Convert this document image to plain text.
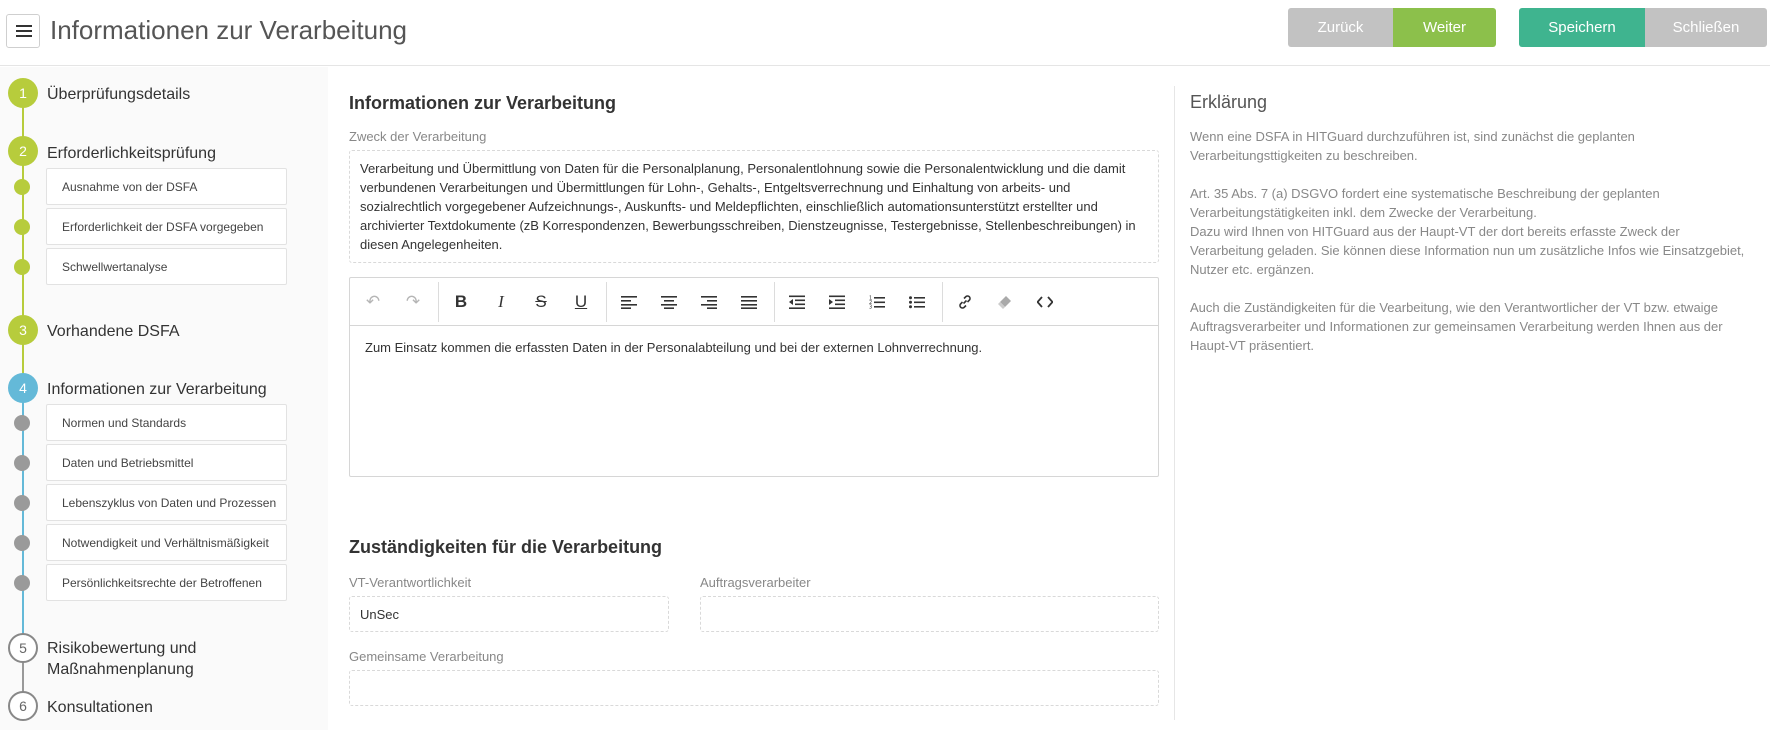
Informationen zur Verarbeitung	Zurück	Weiter	Speichern	Schließen
1	Überprüfungsdetails
2	Erforderlichkeitsprüfung
Ausnahme von der DSFA
Erforderlichkeit der DSFA vorgegeben
Schwellwertanalyse
3	Vorhandene DSFA
4	Informationen zur Verarbeitung
Normen und Standards
Daten und Betriebsmittel
Lebenszyklus von Daten und Prozessen
Notwendigkeit und Verhältnismäßigkeit
Persönlichkeitsrechte der Betroffenen
5	Risikobewertung und Maßnahmenplanung
6	Konsultationen
Informationen zur Verarbeitung
Zweck der Verarbeitung
Verarbeitung und Übermittlung von Daten für die Personalplanung, Personalentlohnung sowie die Personalentwicklung und die damit verbundenen Verarbeitungen und Übermittlungen für Lohn-, Gehalts-, Entgeltsverrechnung und Einhaltung von arbeits- und sozialrechtlich vorgegebener Aufzeichnungs-, Auskunfts- und Meldepflichten, einschließlich automationsunterstützt erstellter und archivierter Textdokumente (zB Korrespondenzen, Bewerbungsschreiben, Dienstzeugnisse, Testergebnisse, Stellenbeschreibungen) in diesen Angelegenheiten.
↶	↷	B	I	S	U	1
2
3
Zum Einsatz kommen die erfassten Daten in der Personalabteilung und bei der externen Lohnverrechnung.
Zuständigkeiten für die Verarbeitung
VT-Verantwortlichkeit
UnSec
Auftragsverarbeiter
Gemeinsame Verarbeitung
Erklärung

Wenn eine DSFA in HITGuard durchzuführen ist, sind zunächst die geplanten Verarbeitungsttigkeiten zu beschreiben.

Art. 35 Abs. 7 (a) DSGVO fordert eine systematische Beschreibung der geplanten Verarbeitungstätigkeiten inkl. dem Zwecke der Verarbeitung.
Dazu wird Ihnen von HITGuard aus der Haupt-VT der dort bereits erfasste Zweck der Verarbeitung geladen. Sie können diese Information nun um zusätzliche Infos wie Einsatzgebiet, Nutzer etc. ergänzen.

Auch die Zuständigkeiten für die Vearbeitung, wie den Verantwortlicher der VT bzw. etwaige Auftragsverarbeiter und Informationen zur gemeinsamen Verarbeitung werden Ihnen aus der Haupt-VT präsentiert.
